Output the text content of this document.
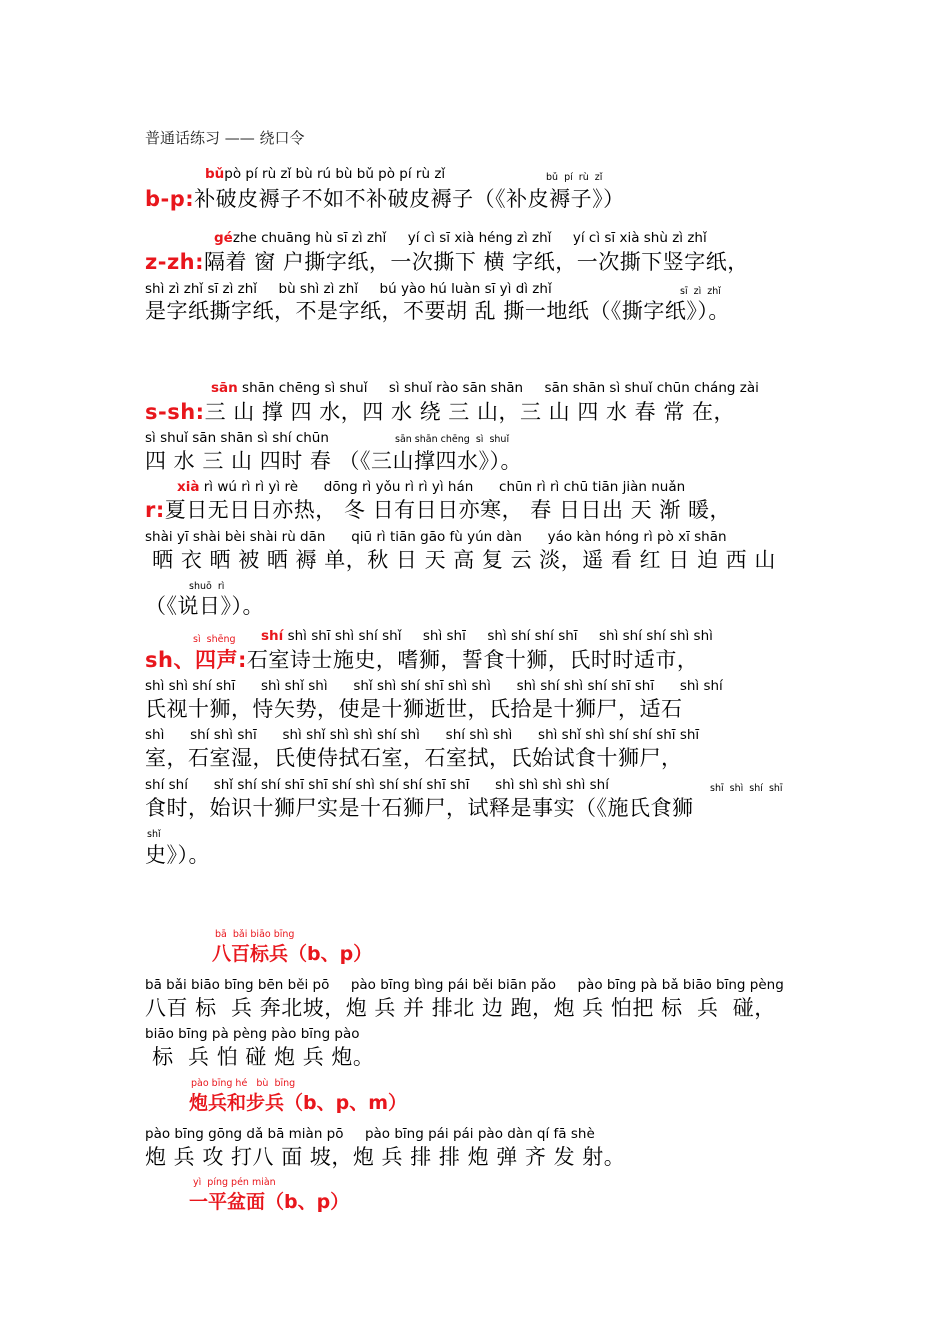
普通话练习 —— 绕口令
bǔpò pí rù zǐ bù rú bù bǔ pò pí rù zǐ	bǔ  pí  rù  zǐ
b-p:补破皮褥子不如不补破皮褥子（《补皮褥子》）
gézhe chuāng hù sī zì zhǐ     yí cì sī xià héng zì zhǐ     yí cì sī xià shù zì zhǐ
z-zh:隔着 窗 户撕字纸，一次撕下 横 字纸，一次撕下竖字纸，
shì zì zhǐ sī zì zhǐ     bù shì zì zhǐ     bú yào hú luàn sī yì dì zhǐ	sī  zì  zhǐ
是字纸撕字纸，不是字纸，不要胡 乱 撕一地纸（《撕字纸》）。
sān shān chēng sì shuǐ     sì shuǐ rào sān shān     sān shān sì shuǐ chūn cháng zài
s-sh:三 山 撑 四 水，四 水 绕 三 山，三 山 四 水 春 常 在，
sì shuǐ sān shān sì shí chūn	sān shān chēng  sì  shuǐ
四 水 三 山 四时 春 （《三山撑四水》）。
xià rì wú rì rì yì rè      dōng rì yǒu rì rì yì hán      chūn rì rì chū tiān jiàn nuǎn
r:夏日无日日亦热， 冬 日有日日亦寒， 春 日日出 天 渐 暖，
shài yī shài bèi shài rù dān      qiū rì tiān gāo fù yún dàn      yáo kàn hóng rì pò xī shān
晒 衣 晒 被 晒 褥 单，秋 日 天 高 复 云 淡，遥 看 红 日 迫 西 山
shuō  rì
（《说日》）。
sì  shēng shí shì shī shì shí shǐ     shì shī     shì shí shí shī     shì shí shí shì shì
sh、四声:石室诗士施史，嗜狮，誓食十狮，氏时时适市，
shì shì shí shī      shì shǐ shì      shǐ shì shí shī shì shì      shì shí shì shí shī shī      shì shí
氏视十狮，恃矢势，使是十狮逝世，氏拾是十狮尸，适石
shì      shí shì shī      shì shǐ shì shì shí shì      shí shì shì      shì shǐ shì shí shí shī shī
室，石室湿，氏使侍拭石室，石室拭，氏始试食十狮尸，
shí shí      shǐ shí shí shī shī shí shì shí shí shī shī      shì shì shì shì shí	shī  shì  shí  shī
食时，始识十狮尸实是十石狮尸，试释是事实（《施氏食狮
shǐ
史》）。
bā  bǎi biāo bīng
八百标兵（b、p）
bā bǎi biāo bīng bēn běi pō     pào bīng bìng pái běi biān pǎo     pào bīng pà bǎ biāo bīng pèng
八百 标  兵 奔北坡，炮 兵 并 排北 边 跑，炮 兵 怕把 标  兵  碰，
biāo bīng pà pèng pào bīng pào
标  兵 怕 碰 炮 兵 炮。
pào bīng hé   bù  bīng
炮兵和步兵（b、p、m）
pào bīng gōng dǎ bā miàn pō     pào bīng pái pái pào dàn qí fā shè
炮 兵 攻 打八 面 坡，炮 兵 排 排 炮 弹 齐 发 射。
yì  píng pén miàn
一平盆面（b、p）
